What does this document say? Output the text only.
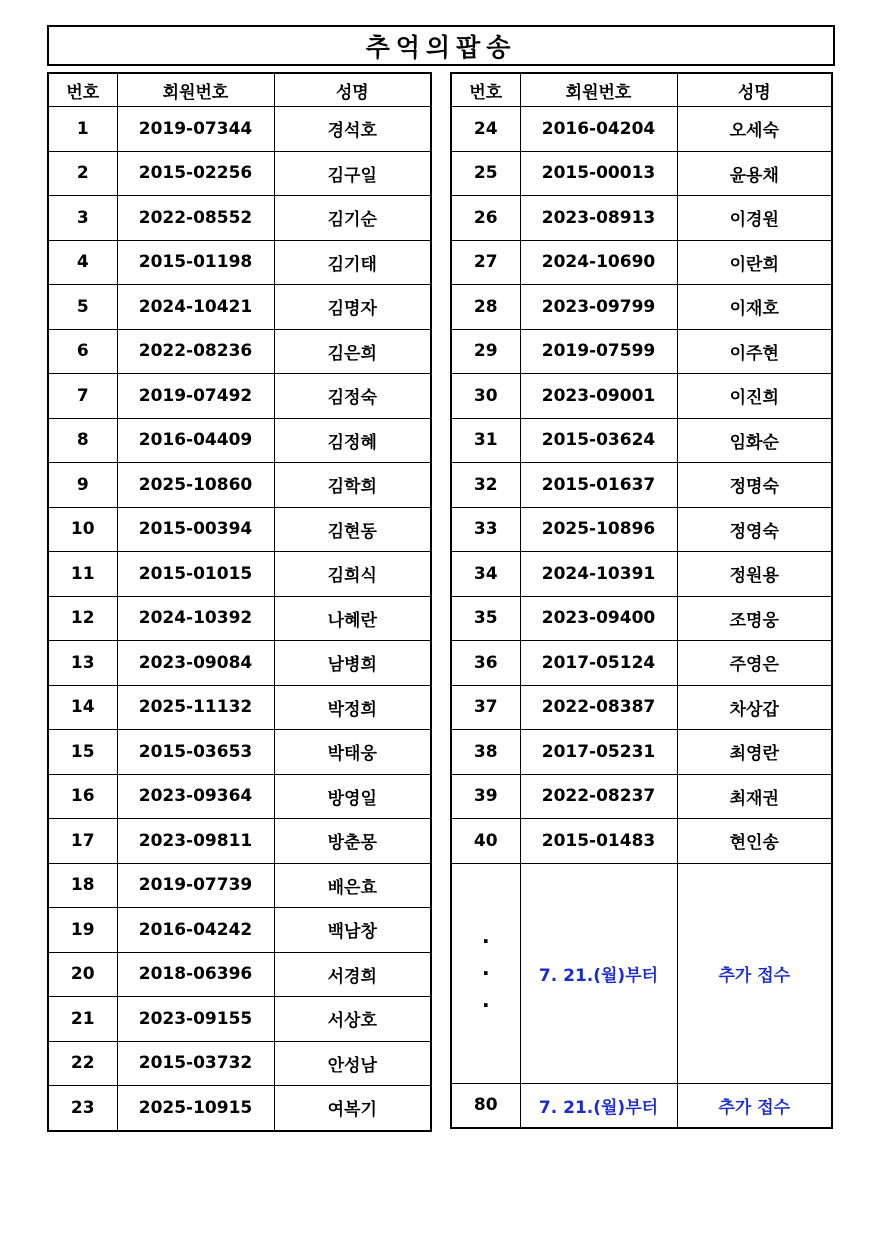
추억의팝송
번호	회원번호	성명
1	2019-07344	경석호
2	2015-02256	김구일
3	2022-08552	김기순
4	2015-01198	김기태
5	2024-10421	김명자
6	2022-08236	김은희
7	2019-07492	김정숙
8	2016-04409	김정혜
9	2025-10860	김학희
10	2015-00394	김현동
11	2015-01015	김희식
12	2024-10392	나혜란
13	2023-09084	남병희
14	2025-11132	박정희
15	2015-03653	박태웅
16	2023-09364	방영일
17	2023-09811	방춘몽
18	2019-07739	배은효
19	2016-04242	백남창
20	2018-06396	서경희
21	2023-09155	서상호
22	2015-03732	안성남
23	2025-10915	여복기
번호	회원번호	성명
24	2016-04204	오세숙
25	2015-00013	윤용채
26	2023-08913	이경원
27	2024-10690	이란희
28	2023-09799	이재호
29	2019-07599	이주현
30	2023-09001	이진희
31	2015-03624	임화순
32	2015-01637	정명숙
33	2025-10896	정영숙
34	2024-10391	정원용
35	2023-09400	조명웅
36	2017-05124	주영은
37	2022-08387	차상갑
38	2017-05231	최영란
39	2022-08237	최재권
40	2015-01483	현인송

·
·
·	7. 21.(월)부터	추가 접수

80	7. 21.(월)부터	추가 접수
